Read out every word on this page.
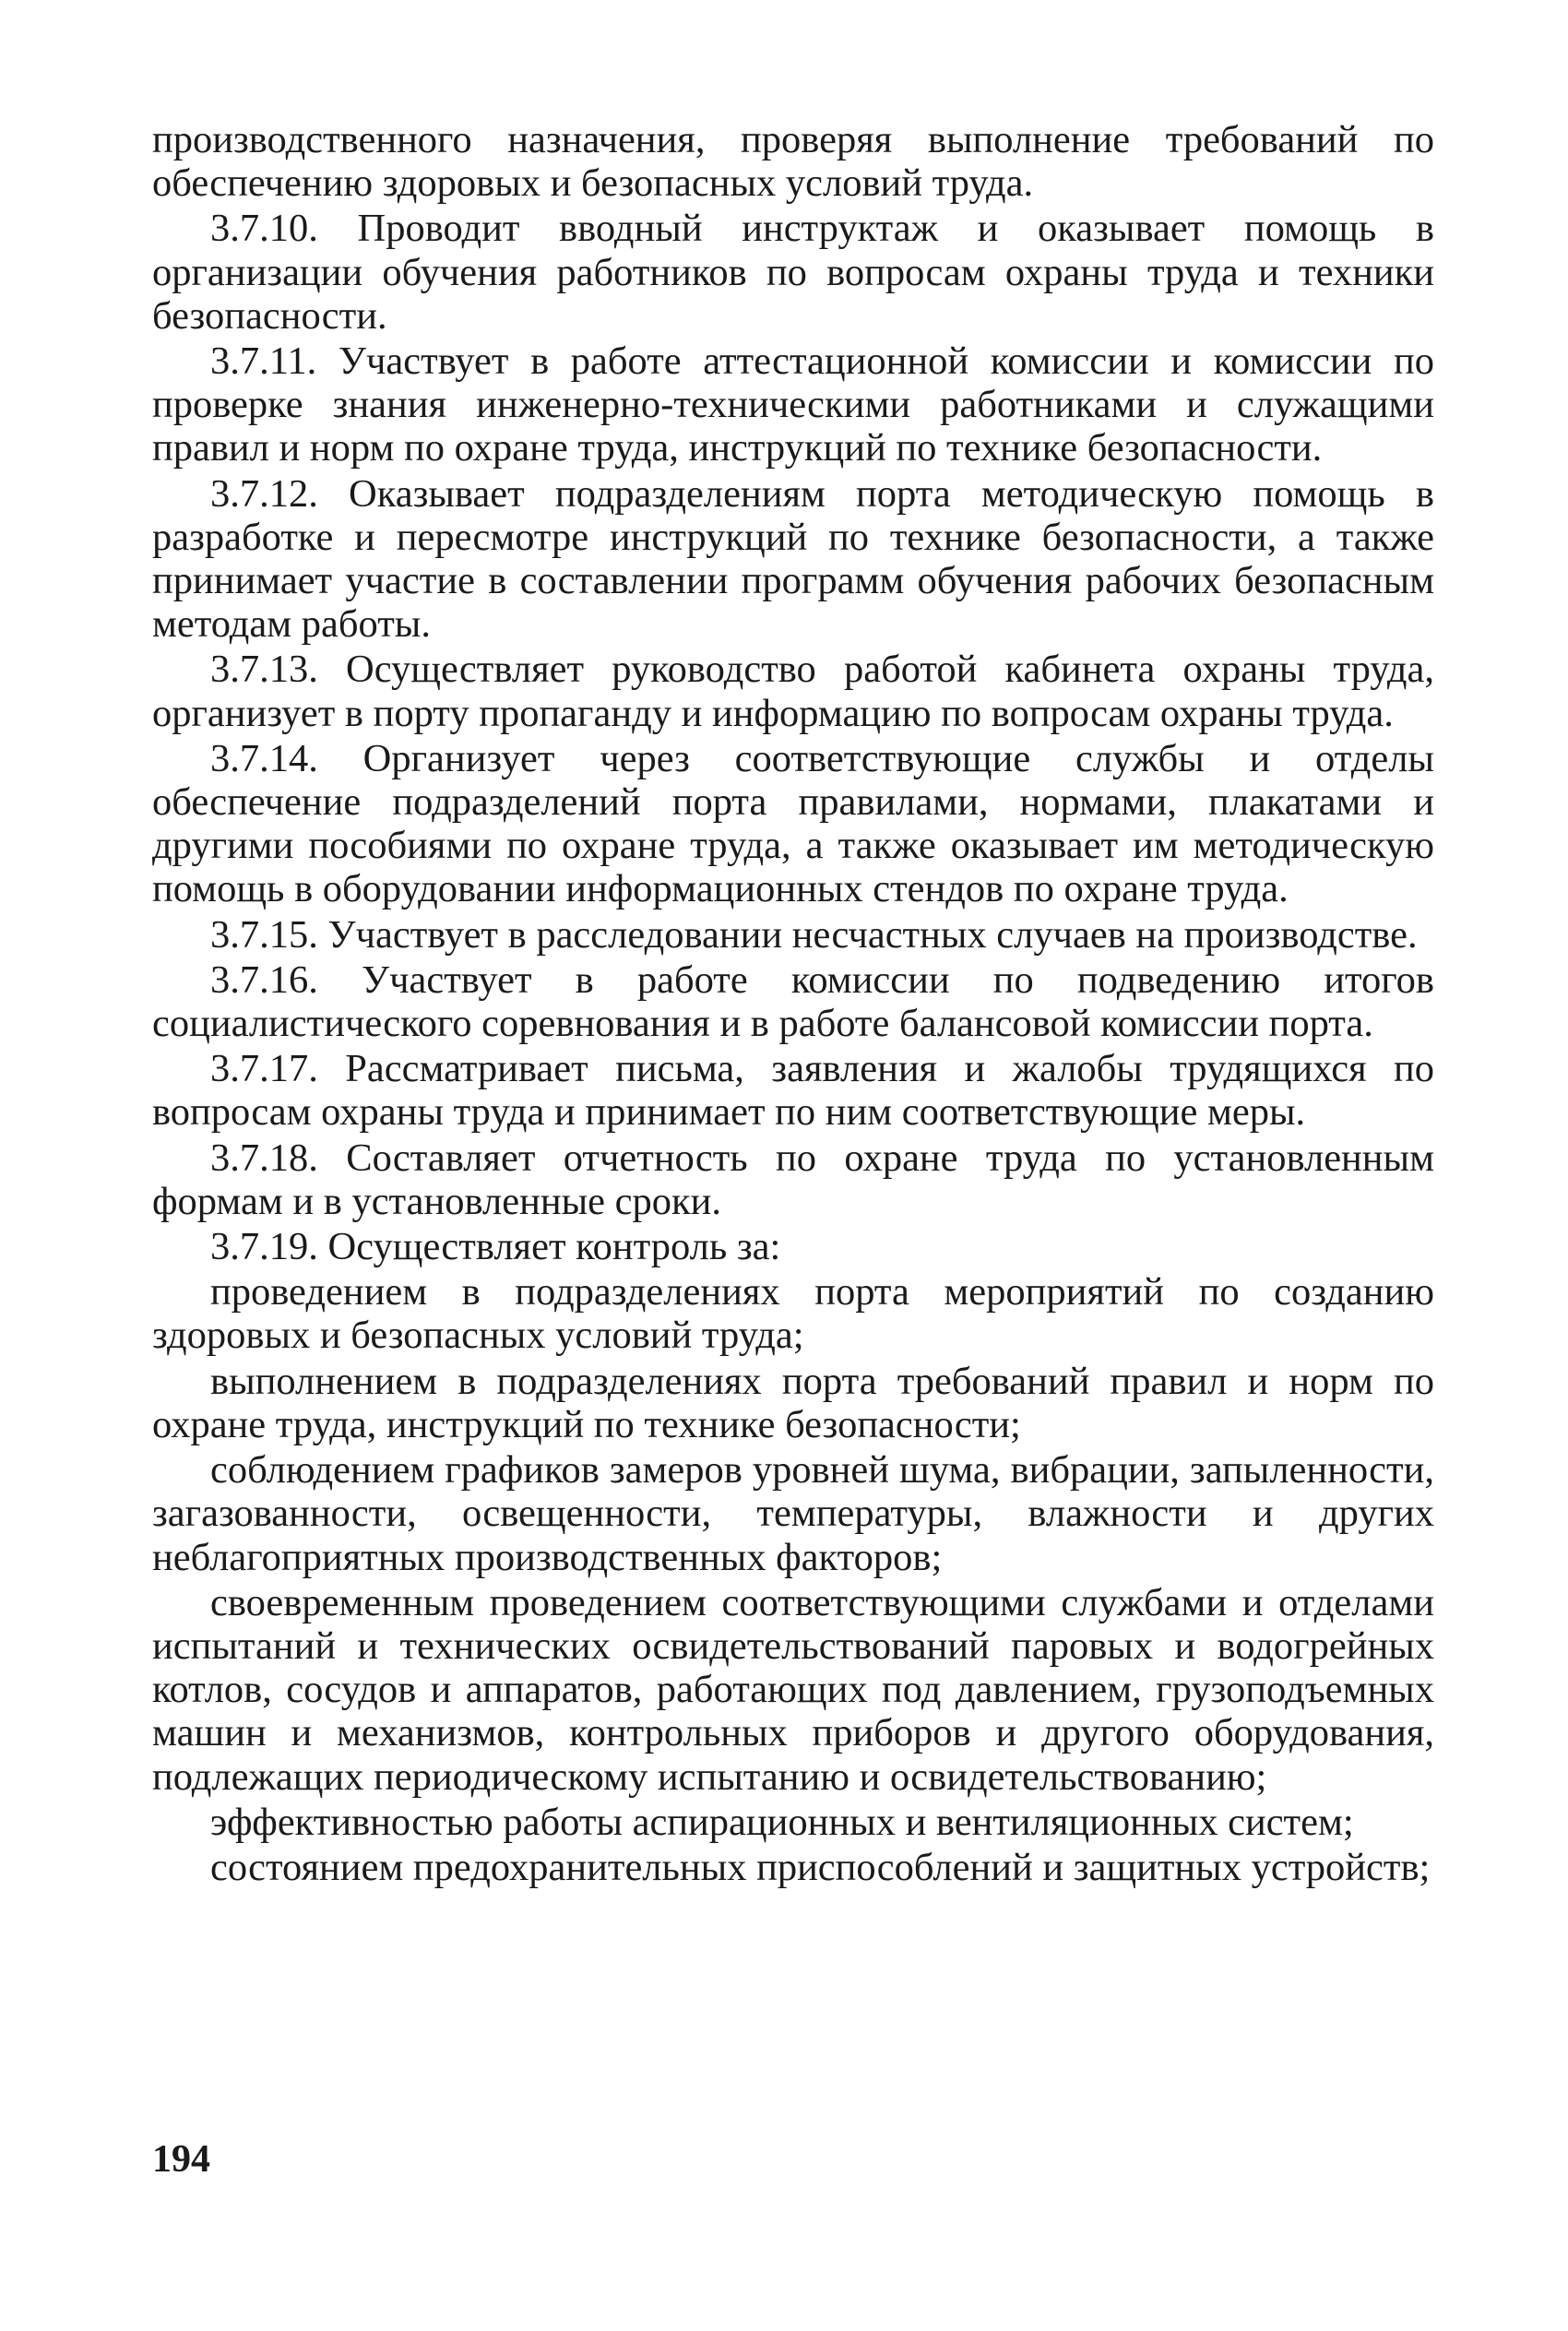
производственного назначения, проверяя выполнение требований по обеспечению здоровых и безопасных условий труда.

3.7.10. Проводит вводный инструктаж и оказывает помощь в организации обучения работников по вопросам охраны труда и техники безопасности.

3.7.11. Участвует в работе аттестационной комиссии и комиссии по проверке знания инженерно-техническими работниками и служащими правил и норм по охране труда, инструкций по технике безопасности.

3.7.12. Оказывает подразделениям порта методическую помощь в разработке и пересмотре инструкций по технике безопасности, а также принимает участие в составлении программ обучения рабочих безопасным методам работы.

3.7.13. Осуществляет руководство работой кабинета охраны труда, организует в порту пропаганду и информацию по вопросам охраны труда.

3.7.14. Организует через соответствующие службы и отделы обеспечение подразделений порта правилами, нормами, плакатами и другими пособиями по охране труда, а также оказывает им методическую помощь в оборудовании информационных стендов по охране труда.

3.7.15. Участвует в расследовании несчастных случаев на производстве.

3.7.16. Участвует в работе комиссии по подведению итогов социалистического соревнования и в работе балансовой комиссии порта.

3.7.17. Рассматривает письма, заявления и жалобы трудящихся по вопросам охраны труда и принимает по ним соответствующие меры.

3.7.18. Составляет отчетность по охране труда по установленным формам и в установленные сроки.

3.7.19. Осуществляет контроль за:

проведением в подразделениях порта мероприятий по созданию здоровых и безопасных условий труда;

выполнением в подразделениях порта требований правил и норм по охране труда, инструкций по технике безопасности;

соблюдением графиков замеров уровней шума, вибрации, запыленности, загазованности, освещенности, температуры, влажности и других неблагоприятных производственных факторов;

своевременным проведением соответствующими службами и отделами испытаний и технических освидетельствований паровых и водогрейных котлов, сосудов и аппаратов, работающих под давлением, грузоподъемных машин и механизмов, контрольных приборов и другого оборудования, подлежащих периодическому испытанию и освидетельствованию;

эффективностью работы аспирационных и вентиляционных систем;

состоянием предохранительных приспособлений и защитных устройств;

194
